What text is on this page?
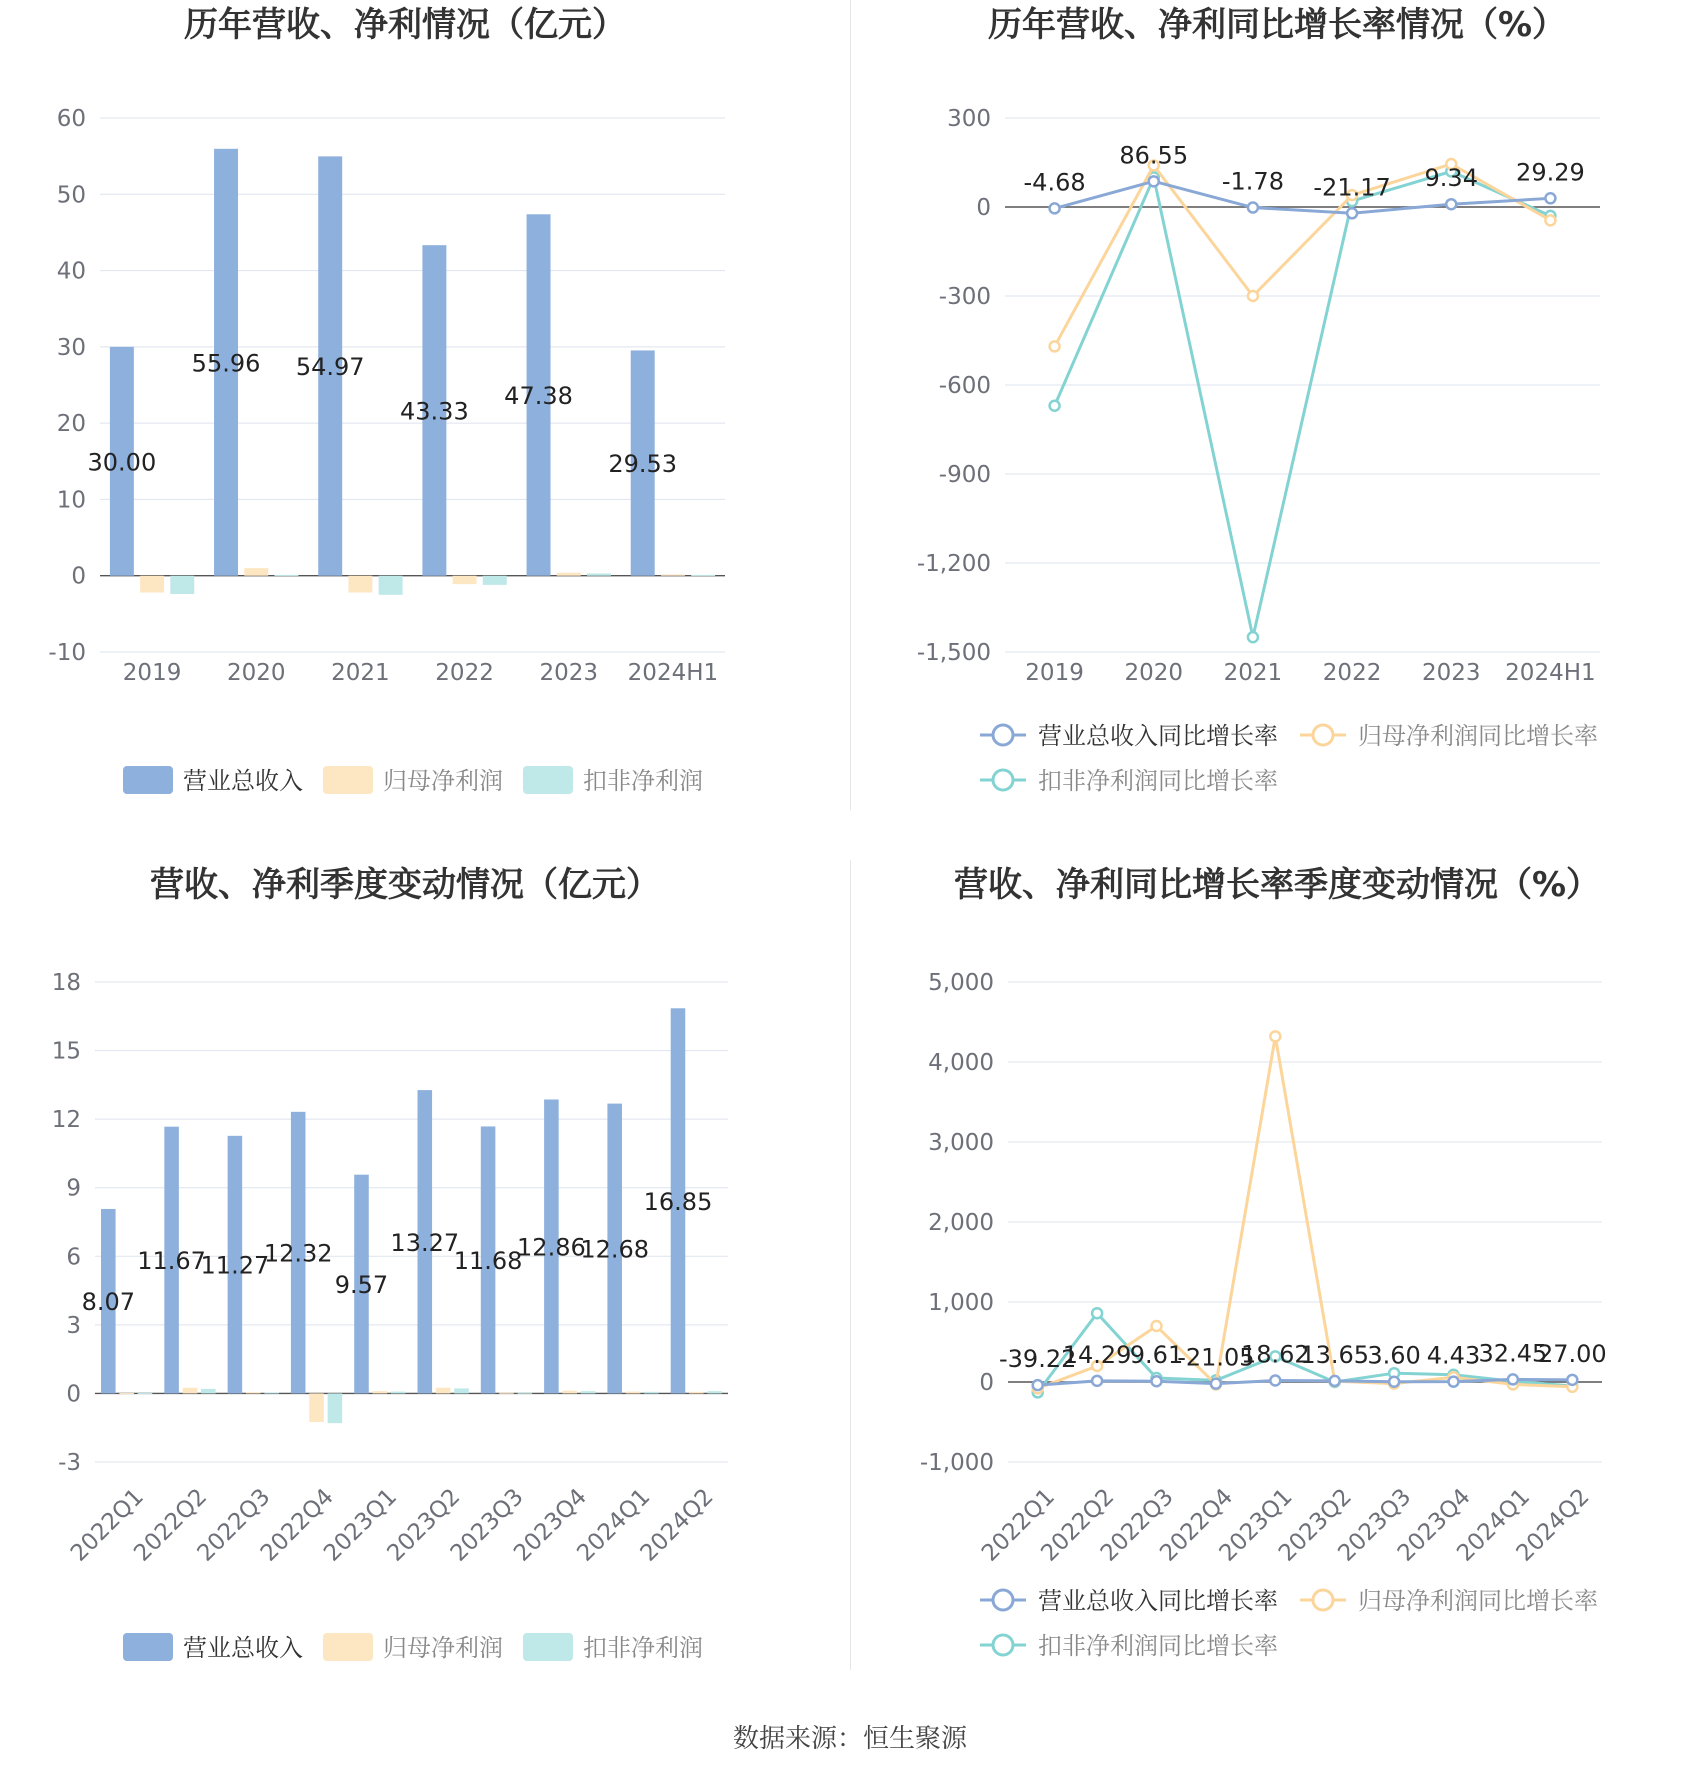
历年营收、净利情况（亿元）
-10
0
10
20
30
40
50
60
2019 2020 2021 2022 2023 2024H1
30.00
55.96 54.97
43.33
47.38
29.53
营业总收入	归母净利润	扣非净利润
历年营收、净利同比增长率情况（%）
-1,500
-1,200
-900
-600
-300
0
300
2019 2020 2021 2022 2023 2024H1
-4.68
86.55
-1.78 -21.17 9.34 29.29
营业总收入同比增长率	归母净利润同比增长率
扣非净利润同比增长率
营收、净利季度变动情况（亿元）
-3
0
3
6
9
12
15
18
2022Q1
2022Q2
2022Q3
2022Q4
2023Q1
2023Q2
2023Q3
2023Q4
2024Q1
2024Q2
8.07
11.67
11.27
12.32
9.57
13.27
11.68
12.86
12.68
16.85
营业总收入	归母净利润	扣非净利润
营收、净利同比增长率季度变动情况（%）
-1,000
0
1,000
2,000
3,000
4,000
5,000
2022Q1
2022Q2
2022Q3
2022Q4
2023Q1
2023Q2
2023Q3
2023Q4
2024Q1
2024Q2
-39.22
14.29
9.61
-21.05
18.62
13.65
3.60 4.43
32.45
27.00
营业总收入同比增长率	归母净利润同比增长率
扣非净利润同比增长率
数据来源：恒生聚源
